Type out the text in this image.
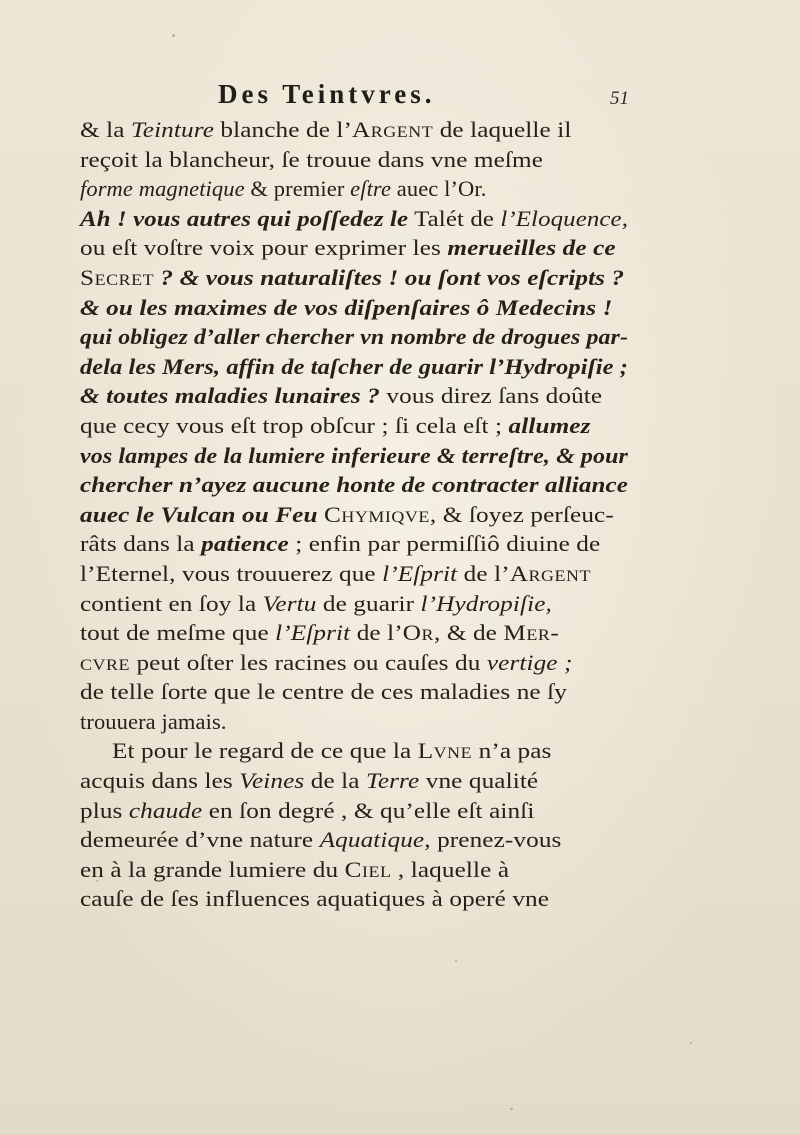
Des Teintvres.	51
& la Teinture blanche de l’Argent de laquelle il
reçoit la blancheur, ſe trouue dans vne meſme
forme magnetique & premier eſtre auec l’Or.
Ah ! vous autres qui poſſedez le Talét de l’Eloquence,
ou eſt voſtre voix pour exprimer les merueilles de ce
Secret ? & vous naturaliſtes ! ou ſont vos eſcripts ?
& ou les maximes de vos diſpenſaires ô Medecins !
qui obligez d’aller chercher vn nombre de drogues par-
dela les Mers, affin de taſcher de guarir l’Hydropiſie ;
& toutes maladies lunaires ? vous direz ſans doûte
que cecy vous eſt trop obſcur ; ſi cela eſt ; allumez
vos lampes de la lumiere inferieure & terreſtre, & pour
chercher n’ayez aucune honte de contracter alliance
auec le Vulcan ou Feu Chymiqve, & ſoyez perſeuc-
râts dans la patience ; enfin par permiſſiô diuine de
l’Eternel, vous trouuerez que l’Eſprit de l’Argent
contient en ſoy la Vertu de guarir l’Hydropiſie,
tout de meſme que l’Eſprit de l’Or, & de Mer-
cvre peut oſter les racines ou cauſes du vertige ;
de telle ſorte que le centre de ces maladies ne ſy
trouuera jamais.
Et pour le regard de ce que la Lvne n’a pas
acquis dans les Veines de la Terre vne qualité
plus chaude en ſon degré , & qu’elle eſt ainſi
demeurée d’vne nature Aquatique, prenez-vous
en à la grande lumiere du Ciel , laquelle à
cauſe de ſes influences aquatiques à operé vne
